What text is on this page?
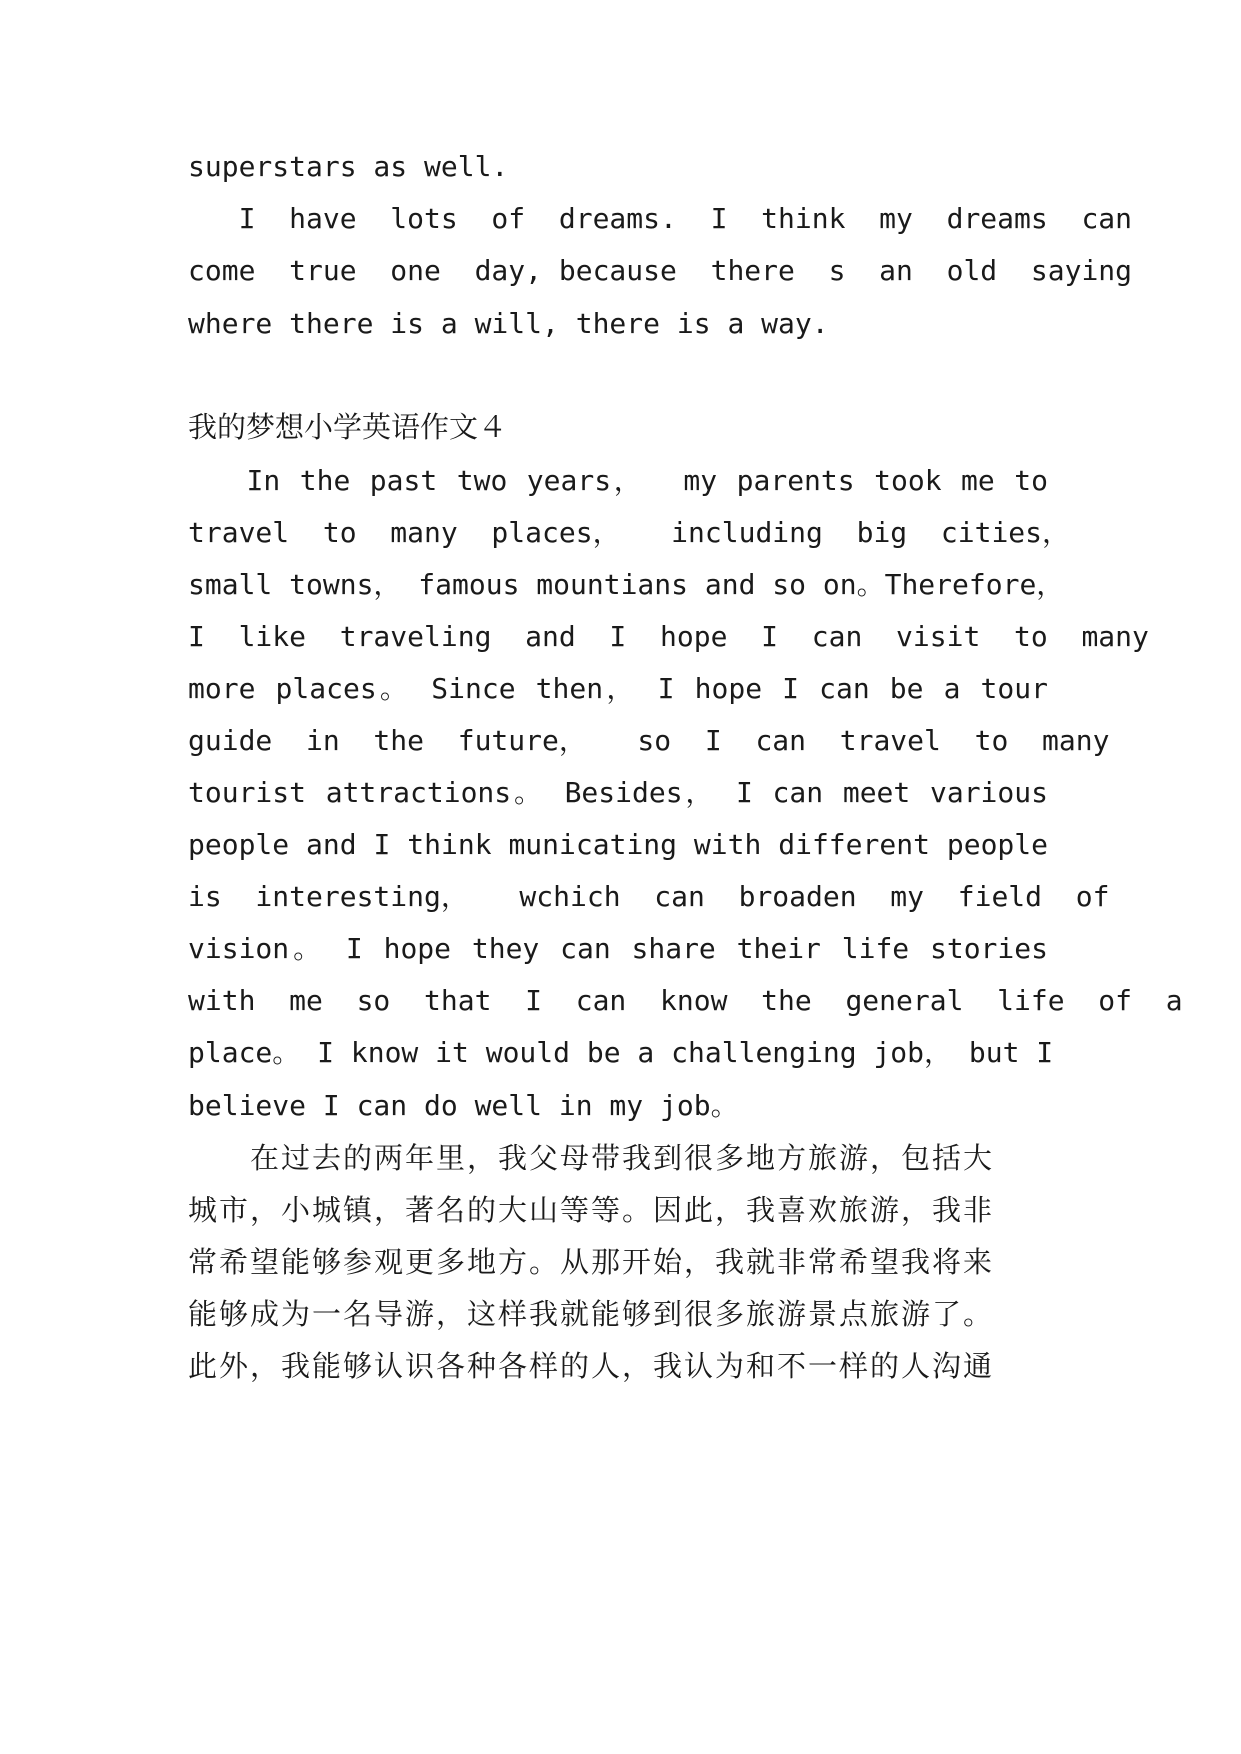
superstars as well.

I  have  lots  of  dreams.  I  think  my  dreams  can

come  true  one  day, because  there  s  an  old  saying

where there is a will, there is a way.

我的梦想小学英语作文４

In the past two years，  my parents took me to

travel  to  many  places，   including  big  cities，

small towns， famous mountians and so on。Therefore，

I  like  traveling  and  I  hope  I  can  visit  to  many

more places。 Since then， I hope I can be a tour

guide  in  the  future，   so  I  can  travel  to  many

tourist attractions。 Besides， I can meet various

people and I think municating with different people

is  interesting，   wchich  can  broaden  my  field  of

vision。 I hope they can share their life stories

with  me  so  that  I  can  know  the  general  life  of  a

place。 I know it would be a challenging job， but I

believe I can do well in my job。

　　在过去的两年里，我父母带我到很多地方旅游，包括大

城市，小城镇，著名的大山等等。因此，我喜欢旅游，我非

常希望能够参观更多地方。从那开始，我就非常希望我将来

能够成为一名导游，这样我就能够到很多旅游景点旅游了。

此外，我能够认识各种各样的人，我认为和不一样的人沟通
